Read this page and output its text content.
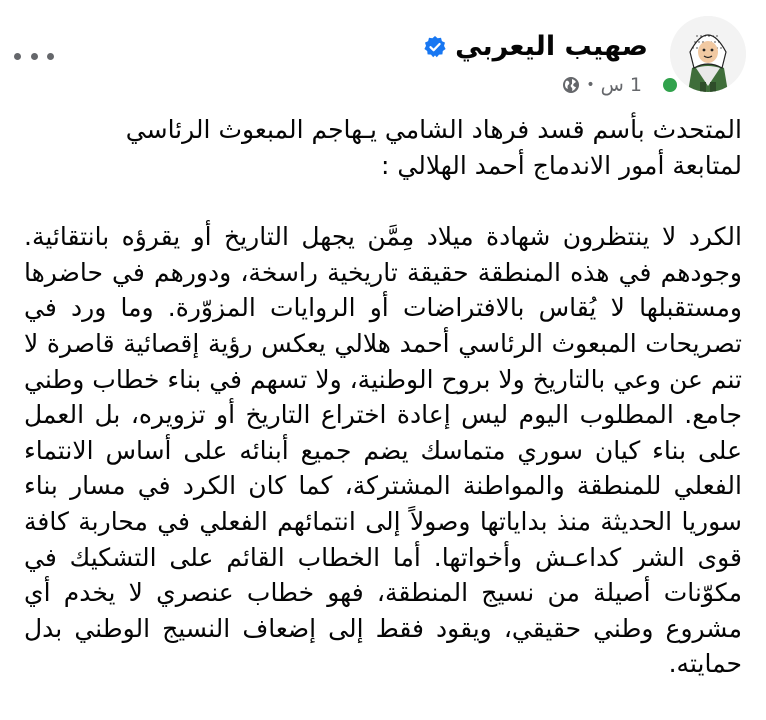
صهيب اليعربي
• 1 س

المتحدث بأسم قسد فرهاد الشامي يـهاجم المبعوث الرئاسي
لمتابعة أمور الاندماج أحمد الهلالي :

الكرد لا ينتظرون شهادة ميلاد مِمَّن يجهل التاريخ أو يقرؤه بانتقائية. وجودهم في هذه المنطقة حقيقة تاريخية راسخة، ودورهم في حاضرها ومستقبلها لا يُقاس بالافتراضات أو الروايات المزوّرة. وما ورد في تصريحات المبعوث الرئاسي أحمد هلالي يعكس رؤية إقصائية قاصرة لا تنم عن وعي بالتاريخ ولا بروح الوطنية، ولا تسهم في بناء خطاب وطني جامع. المطلوب اليوم ليس إعادة اختراع التاريخ أو تزويره، بل العمل على بناء كيان سوري متماسك يضم جميع أبنائه على أساس الانتماء الفعلي للمنطقة والمواطنة المشتركة، كما كان الكرد في مسار بناء سوريا الحديثة منذ بداياتها وصولاً إلى انتمائهم الفعلي في محاربة كافة قوى الشر كداعـش وأخواتها. أما الخطاب القائم على التشكيك في مكوّنات أصيلة من نسيج المنطقة، فهو خطاب عنصري لا يخدم أي مشروع وطني حقيقي، ويقود فقط إلى إضعاف النسيج الوطني بدل حمايته.
